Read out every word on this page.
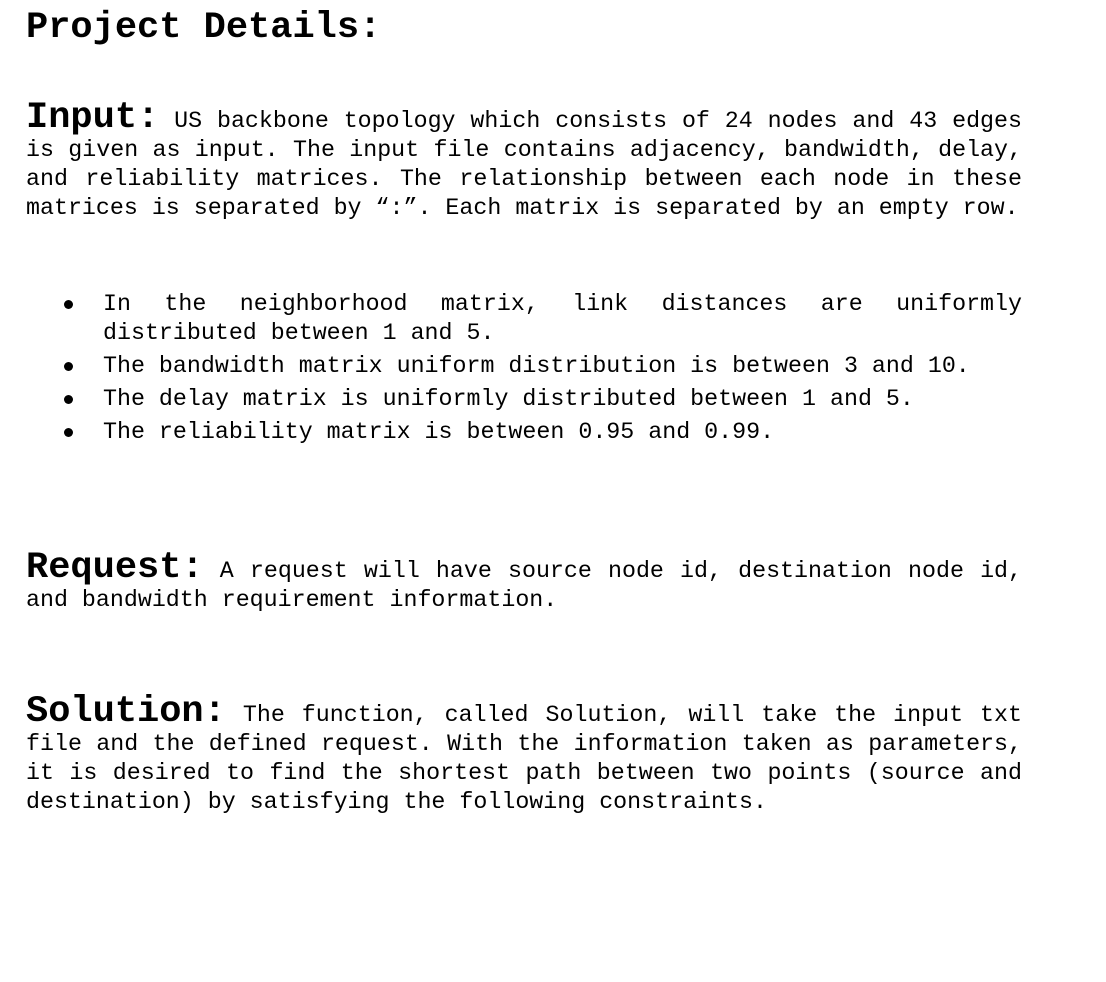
Project Details:

Input: US backbone topology which consists of 24 nodes and 43 edges is given as input. The input file contains adjacency, bandwidth, delay, and reliability matrices. The relationship between each node in these matrices is separated by “:”. Each matrix is separated by an empty row.

In the neighborhood matrix, link distances are uniformly distributed between 1 and 5.
The bandwidth matrix uniform distribution is between 3 and 10.
The delay matrix is uniformly distributed between 1 and 5.
The reliability matrix is between 0.95 and 0.99.

Request: A request will have source node id, destination node id, and bandwidth requirement information.

Solution: The function, called Solution, will take the input txt file and the defined request. With the information taken as parameters, it is desired to find the shortest path between two points (source and destination) by satisfying the following constraints.
